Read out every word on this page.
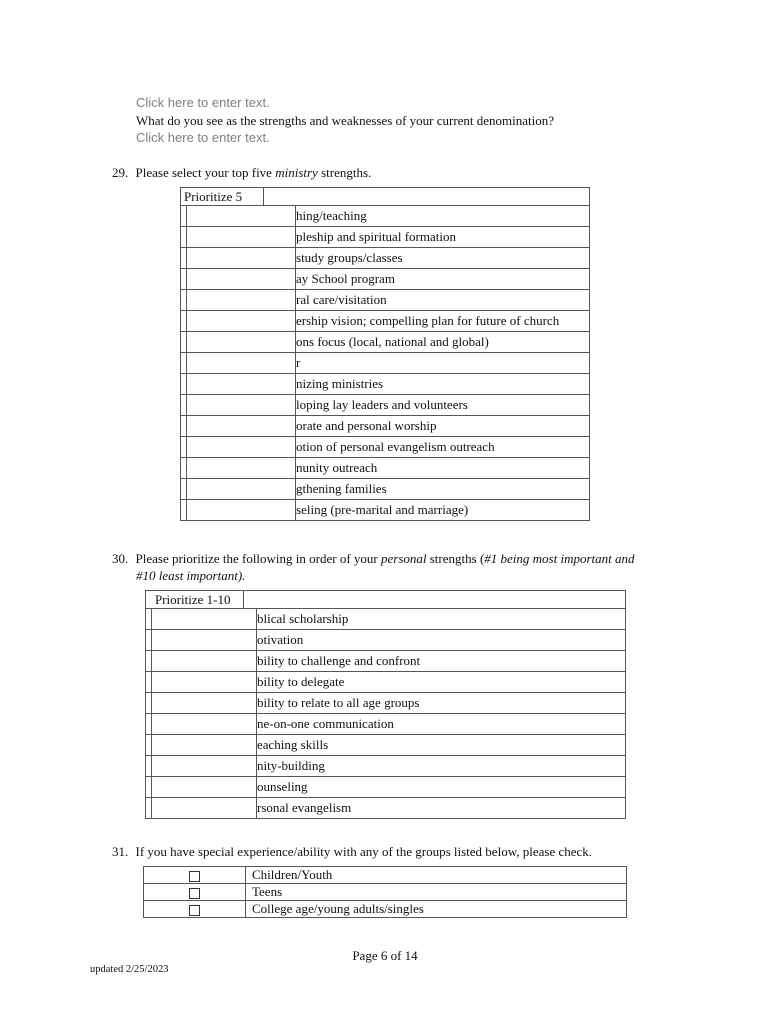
Click here to enter text.
What do you see as the strengths and weaknesses of your current denomination?
Click here to enter text.
29. Please select your top five ministry strengths.
Prioritize 5			

			hing/teaching

			pleship and spiritual formation

			study groups/classes

			ay School program

			ral care/visitation

			ership vision; compelling plan for future of church

			ons focus (local, national and global)

			r

			nizing ministries

			loping lay leaders and volunteers

			orate and personal worship

			otion of personal evangelism outreach

			nunity outreach

			gthening families

			seling (pre-marital and marriage)
30. Please prioritize the following in order of your personal strengths (#1 being most important and
#10 least important).
Prioritize 1-10			

			blical scholarship

			otivation

			bility to challenge and confront

			bility to delegate

			bility to relate to all age groups

			ne-on-one communication

			eaching skills

			nity-building

			ounseling

			rsonal evangelism
31. If you have special experience/ability with any of the groups listed below, please check.
	Children/Youth
	Teens
	College age/young adults/singles
Page 6 of 14
updated 2/25/2023
